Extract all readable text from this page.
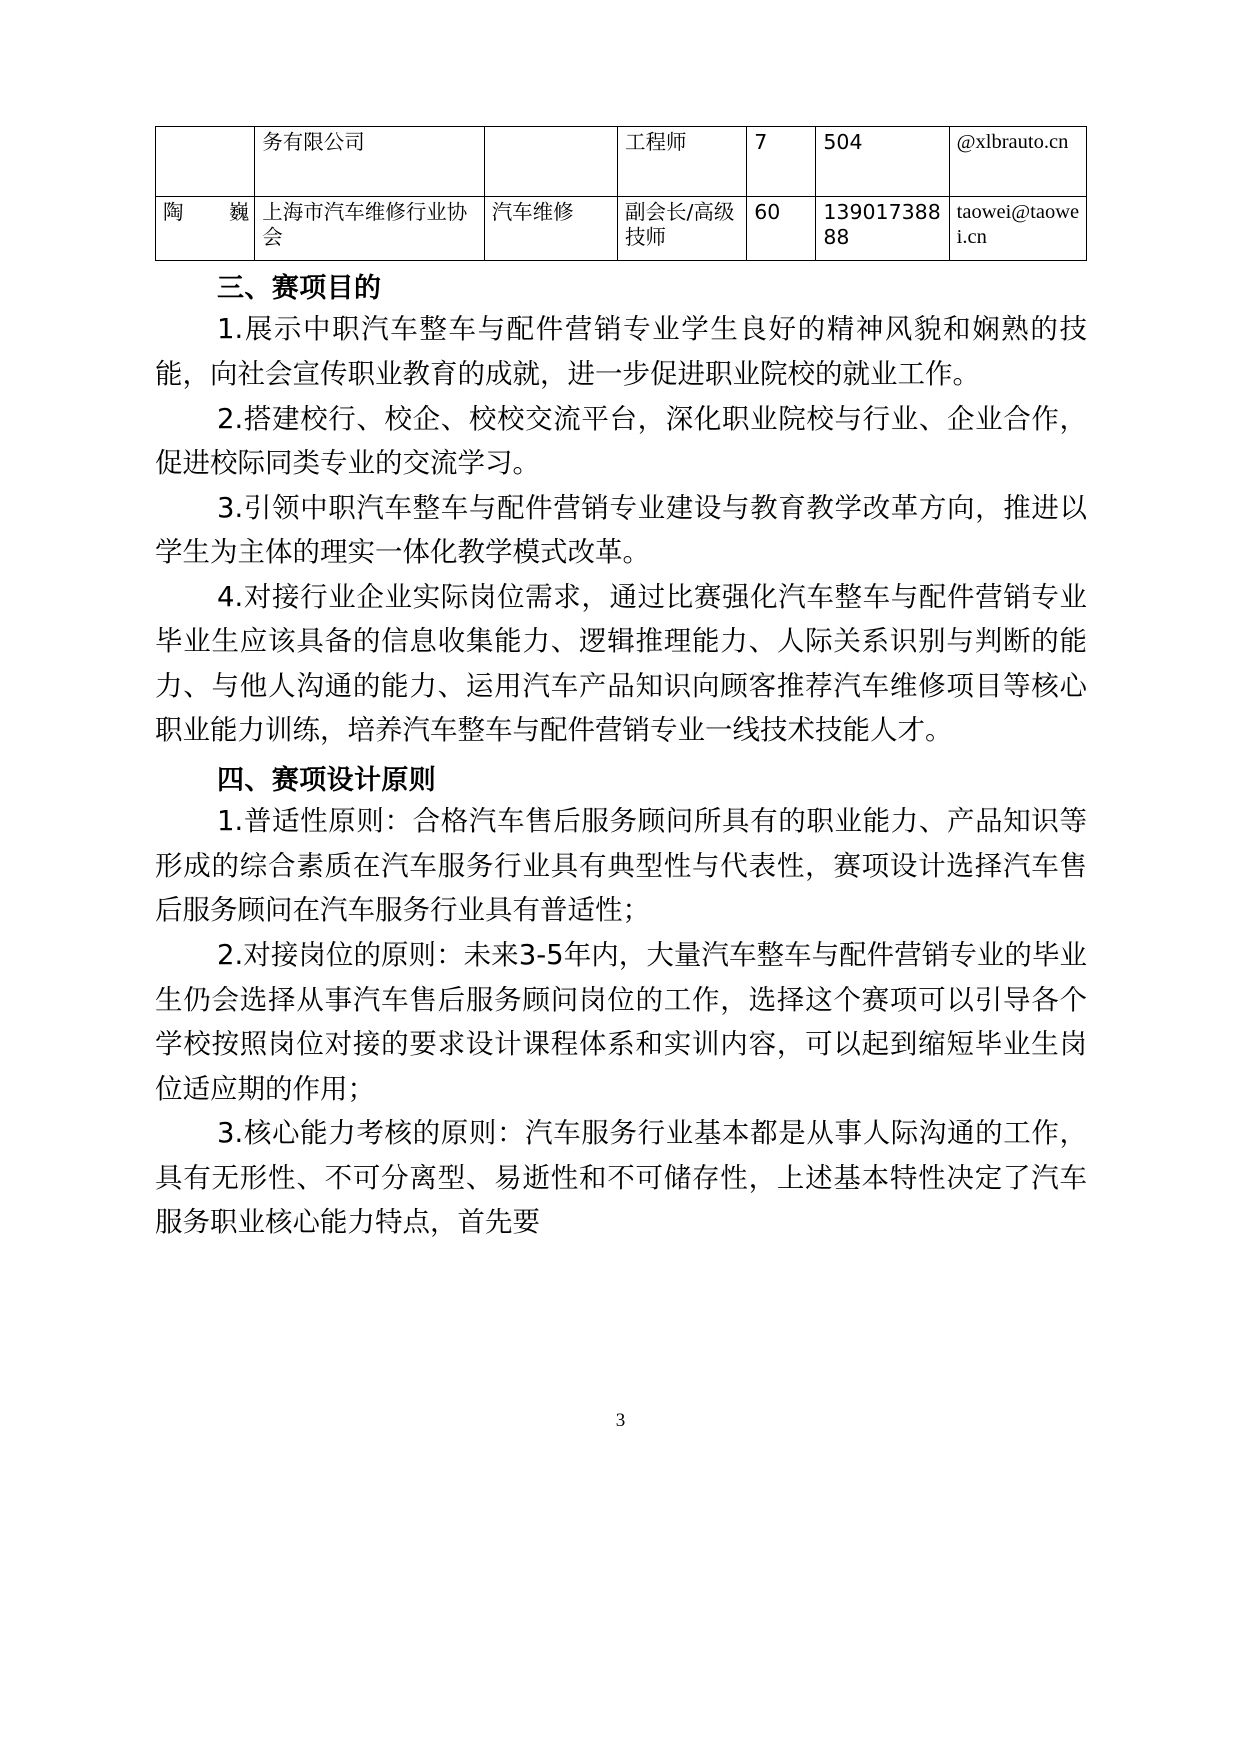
	务有限公司		工程师	7	504	@xlbrauto.cn
陶巍	上海市汽车维修行业协会	汽车维修	副会长/高级技师	60	13901738888	taowei@taowei.cn
三、赛项目的

1.展示中职汽车整车与配件营销专业学生良好的精神风貌和娴熟的技能，向社会宣传职业教育的成就，进一步促进职业院校的就业工作。

2.搭建校行、校企、校校交流平台，深化职业院校与行业、企业合作，促进校际同类专业的交流学习。

3.引领中职汽车整车与配件营销专业建设与教育教学改革方向，推进以学生为主体的理实一体化教学模式改革。

4.对接行业企业实际岗位需求，通过比赛强化汽车整车与配件营销专业毕业生应该具备的信息收集能力、逻辑推理能力、人际关系识别与判断的能力、与他人沟通的能力、运用汽车产品知识向顾客推荐汽车维修项目等核心职业能力训练，培养汽车整车与配件营销专业一线技术技能人才。

四、赛项设计原则

1.普适性原则：合格汽车售后服务顾问所具有的职业能力、产品知识等形成的综合素质在汽车服务行业具有典型性与代表性，赛项设计选择汽车售后服务顾问在汽车服务行业具有普适性；

2.对接岗位的原则：未来3-5年内，大量汽车整车与配件营销专业的毕业生仍会选择从事汽车售后服务顾问岗位的工作，选择这个赛项可以引导各个学校按照岗位对接的要求设计课程体系和实训内容，可以起到缩短毕业生岗位适应期的作用；

3.核心能力考核的原则：汽车服务行业基本都是从事人际沟通的工作，具有无形性、不可分离型、易逝性和不可储存性，上述基本特性决定了汽车服务职业核心能力特点，首先要

3
